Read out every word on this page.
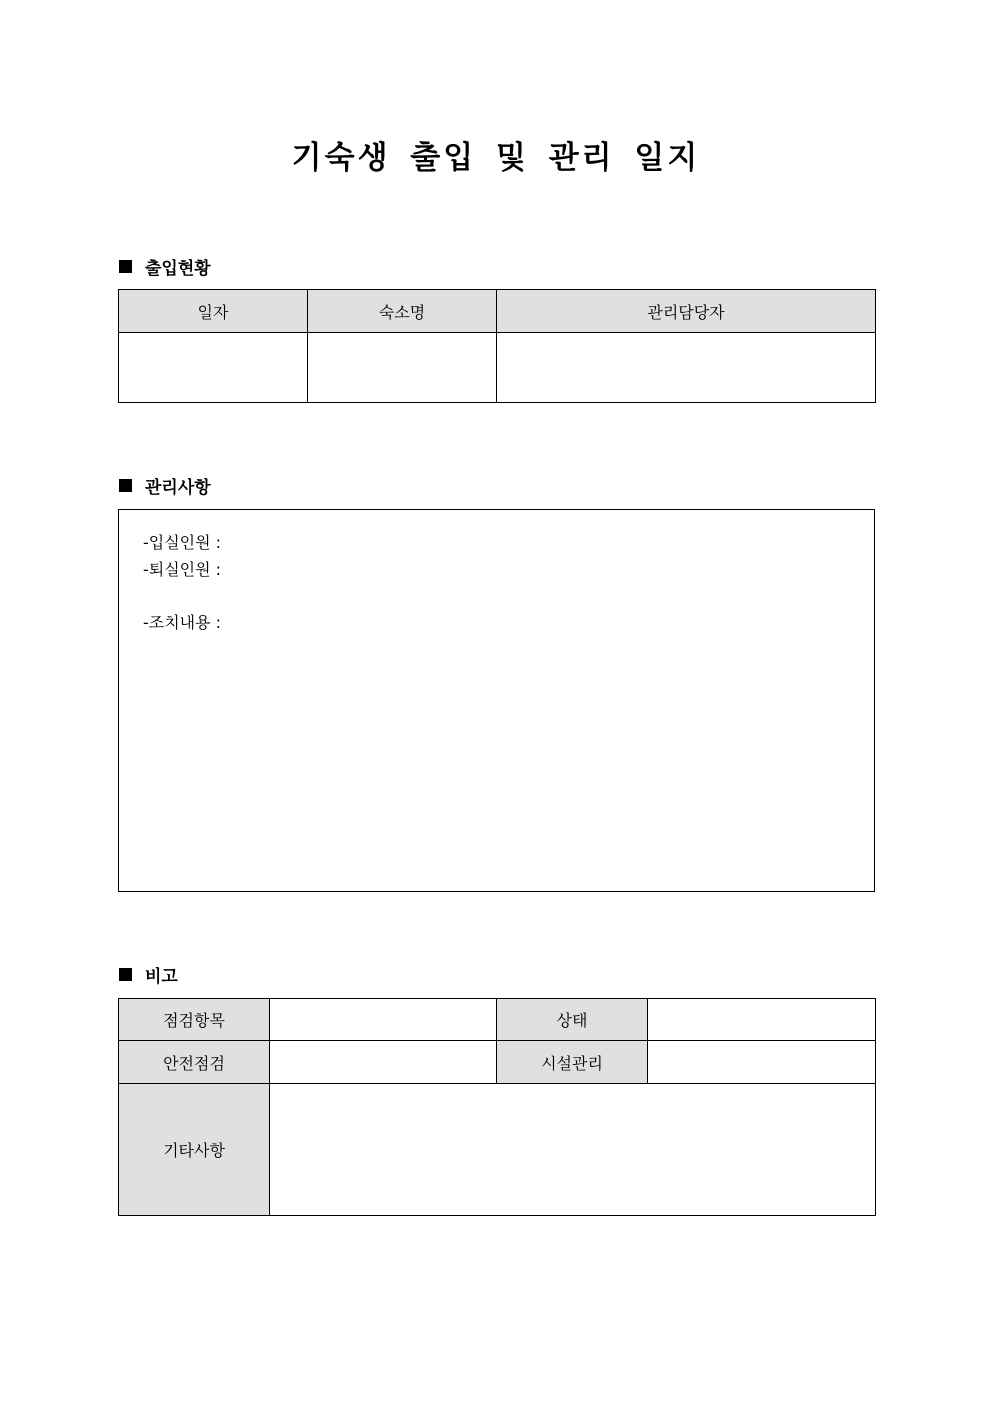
기숙생 출입 및 관리 일지
출입현황
일자	숙소명	관리담당자

관리사항
-입실인원 :
-퇴실인원 :
-조치내용 :
비고
점검항목		상태	
안전점검		시설관리	
기타사항			
